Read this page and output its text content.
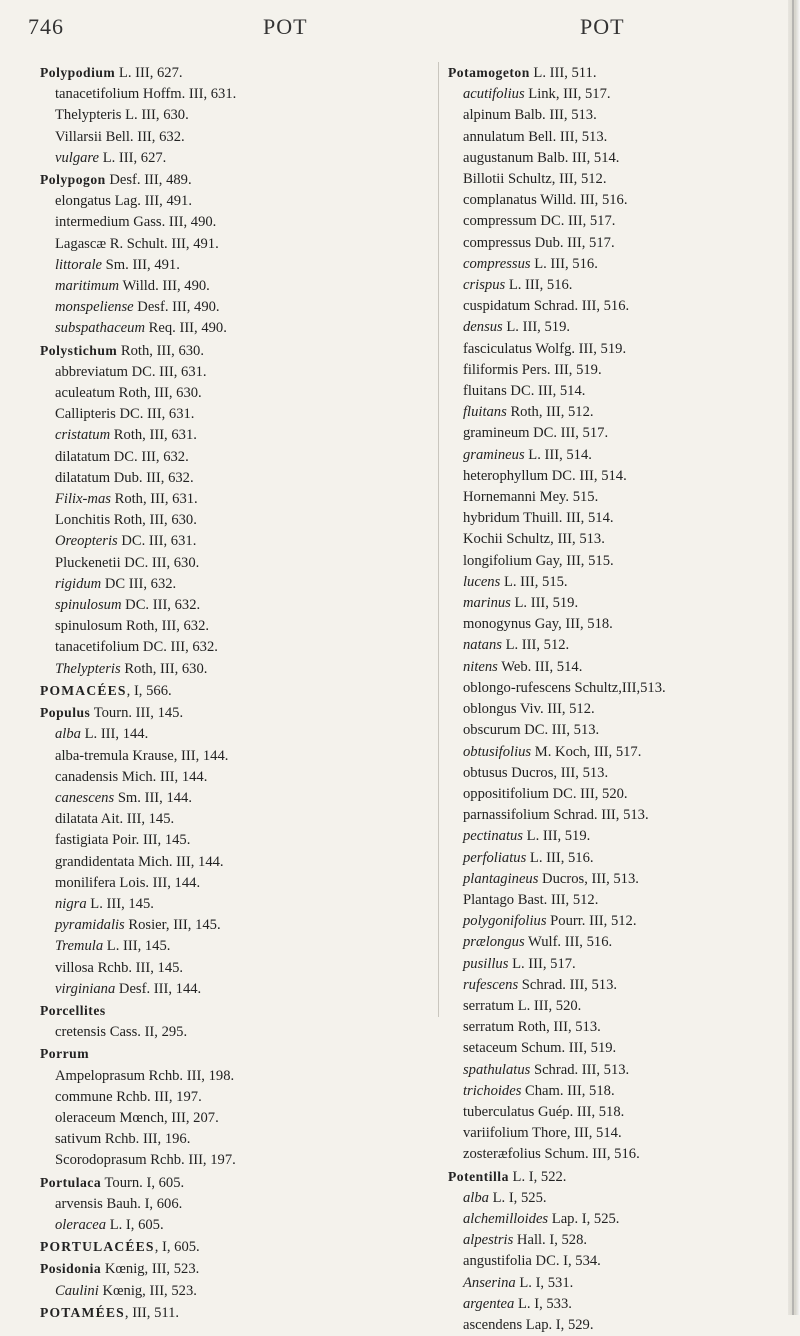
746	POT	POT
Polypodium L. III, 627.
tanacetifolium Hoffm. III, 631.
Thelypteris L. III, 630.
Villarsii Bell. III, 632.
vulgare L. III, 627.
Polypogon Desf. III, 489.
elongatus Lag. III, 491.
intermedium Gass. III, 490.
Lagascæ R. Schult. III, 491.
littorale Sm. III, 491.
maritimum Willd. III, 490.
monspeliense Desf. III, 490.
subspathaceum Req. III, 490.
Polystichum Roth, III, 630.
abbreviatum DC. III, 631.
aculeatum Roth, III, 630.
Callipteris DC. III, 631.
cristatum Roth, III, 631.
dilatatum DC. III, 632.
dilatatum Dub. III, 632.
Filix-mas Roth, III, 631.
Lonchitis Roth, III, 630.
Oreopteris DC. III, 631.
Pluckenetii DC. III, 630.
rigidum DC III, 632.
spinulosum DC. III, 632.
spinulosum Roth, III, 632.
tanacetifolium DC. III, 632.
Thelypteris Roth, III, 630.
POMACÉES, I, 566.
Populus Tourn. III, 145.
alba L. III, 144.
alba-tremula Krause, III, 144.
canadensis Mich. III, 144.
canescens Sm. III, 144.
dilatata Ait. III, 145.
fastigiata Poir. III, 145.
grandidentata Mich. III, 144.
monilifera Lois. III, 144.
nigra L. III, 145.
pyramidalis Rosier, III, 145.
Tremula L. III, 145.
villosa Rchb. III, 145.
virginiana Desf. III, 144.
Porcellites
cretensis Cass. II, 295.
Porrum
Ampeloprasum Rchb. III, 198.
commune Rchb. III, 197.
oleraceum Mœnch, III, 207.
sativum Rchb. III, 196.
Scorodoprasum Rchb. III, 197.
Portulaca Tourn. I, 605.
arvensis Bauh. I, 606.
oleracea L. I, 605.
PORTULACÉES, I, 605.
Posidonia Kœnig, III, 523.
Caulini Kœnig, III, 523.
POTAMÉES, III, 511.
Potamogeton L. III, 511.
acutifolius Link, III, 517.
alpinum Balb. III, 513.
annulatum Bell. III, 513.
augustanum Balb. III, 514.
Billotii Schultz, III, 512.
complanatus Willd. III, 516.
compressum DC. III, 517.
compressus Dub. III, 517.
compressus L. III, 516.
crispus L. III, 516.
cuspidatum Schrad. III, 516.
densus L. III, 519.
fasciculatus Wolfg. III, 519.
filiformis Pers. III, 519.
fluitans DC. III, 514.
fluitans Roth, III, 512.
gramineum DC. III, 517.
gramineus L. III, 514.
heterophyllum DC. III, 514.
Hornemanni Mey. 515.
hybridum Thuill. III, 514.
Kochii Schultz, III, 513.
longifolium Gay, III, 515.
lucens L. III, 515.
marinus L. III, 519.
monogynus Gay, III, 518.
natans L. III, 512.
nitens Web. III, 514.
oblongo-rufescens Schultz,III,513.
oblongus Viv. III, 512.
obscurum DC. III, 513.
obtusifolius M. Koch, III, 517.
obtusus Ducros, III, 513.
oppositifolium DC. III, 520.
parnassifolium Schrad. III, 513.
pectinatus L. III, 519.
perfoliatus L. III, 516.
plantagineus Ducros, III, 513.
Plantago Bast. III, 512.
polygonifolius Pourr. III, 512.
prælongus Wulf. III, 516.
pusillus L. III, 517.
rufescens Schrad. III, 513.
serratum L. III, 520.
serratum Roth, III, 513.
setaceum Schum. III, 519.
spathulatus Schrad. III, 513.
trichoides Cham. III, 518.
tuberculatus Guép. III, 518.
variifolium Thore, III, 514.
zosteræfolius Schum. III, 516.
Potentilla L. I, 522.
alba L. I, 525.
alchemilloides Lap. I, 525.
alpestris Hall. I, 528.
angustifolia DC. I, 534.
Anserina L. I, 531.
argentea L. I, 533.
ascendens Lap. I, 529.
